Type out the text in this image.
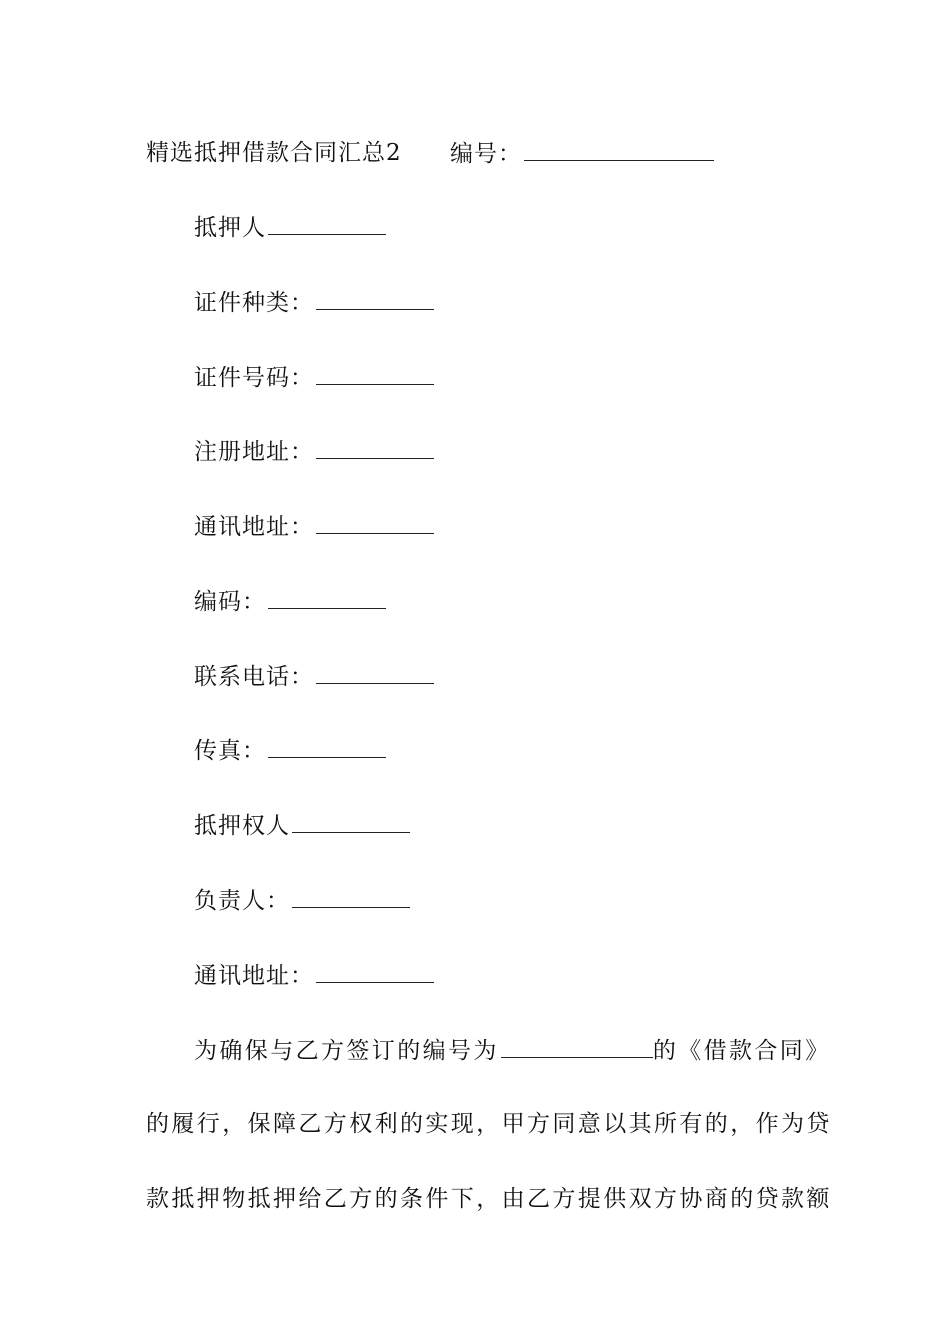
精选抵押借款合同汇总2 编号：
抵押人
证件种类：
证件号码：
注册地址：
通讯地址：
编码：
联系电话：
传真：
抵押权人
负责人：
通讯地址：
为确保与乙方签订的编号为	的《借款合同》
的履行，保障乙方权利的实现，甲方同意以其所有的，作为贷
款抵押物抵押给乙方的条件下，由乙方提供双方协商的贷款额
